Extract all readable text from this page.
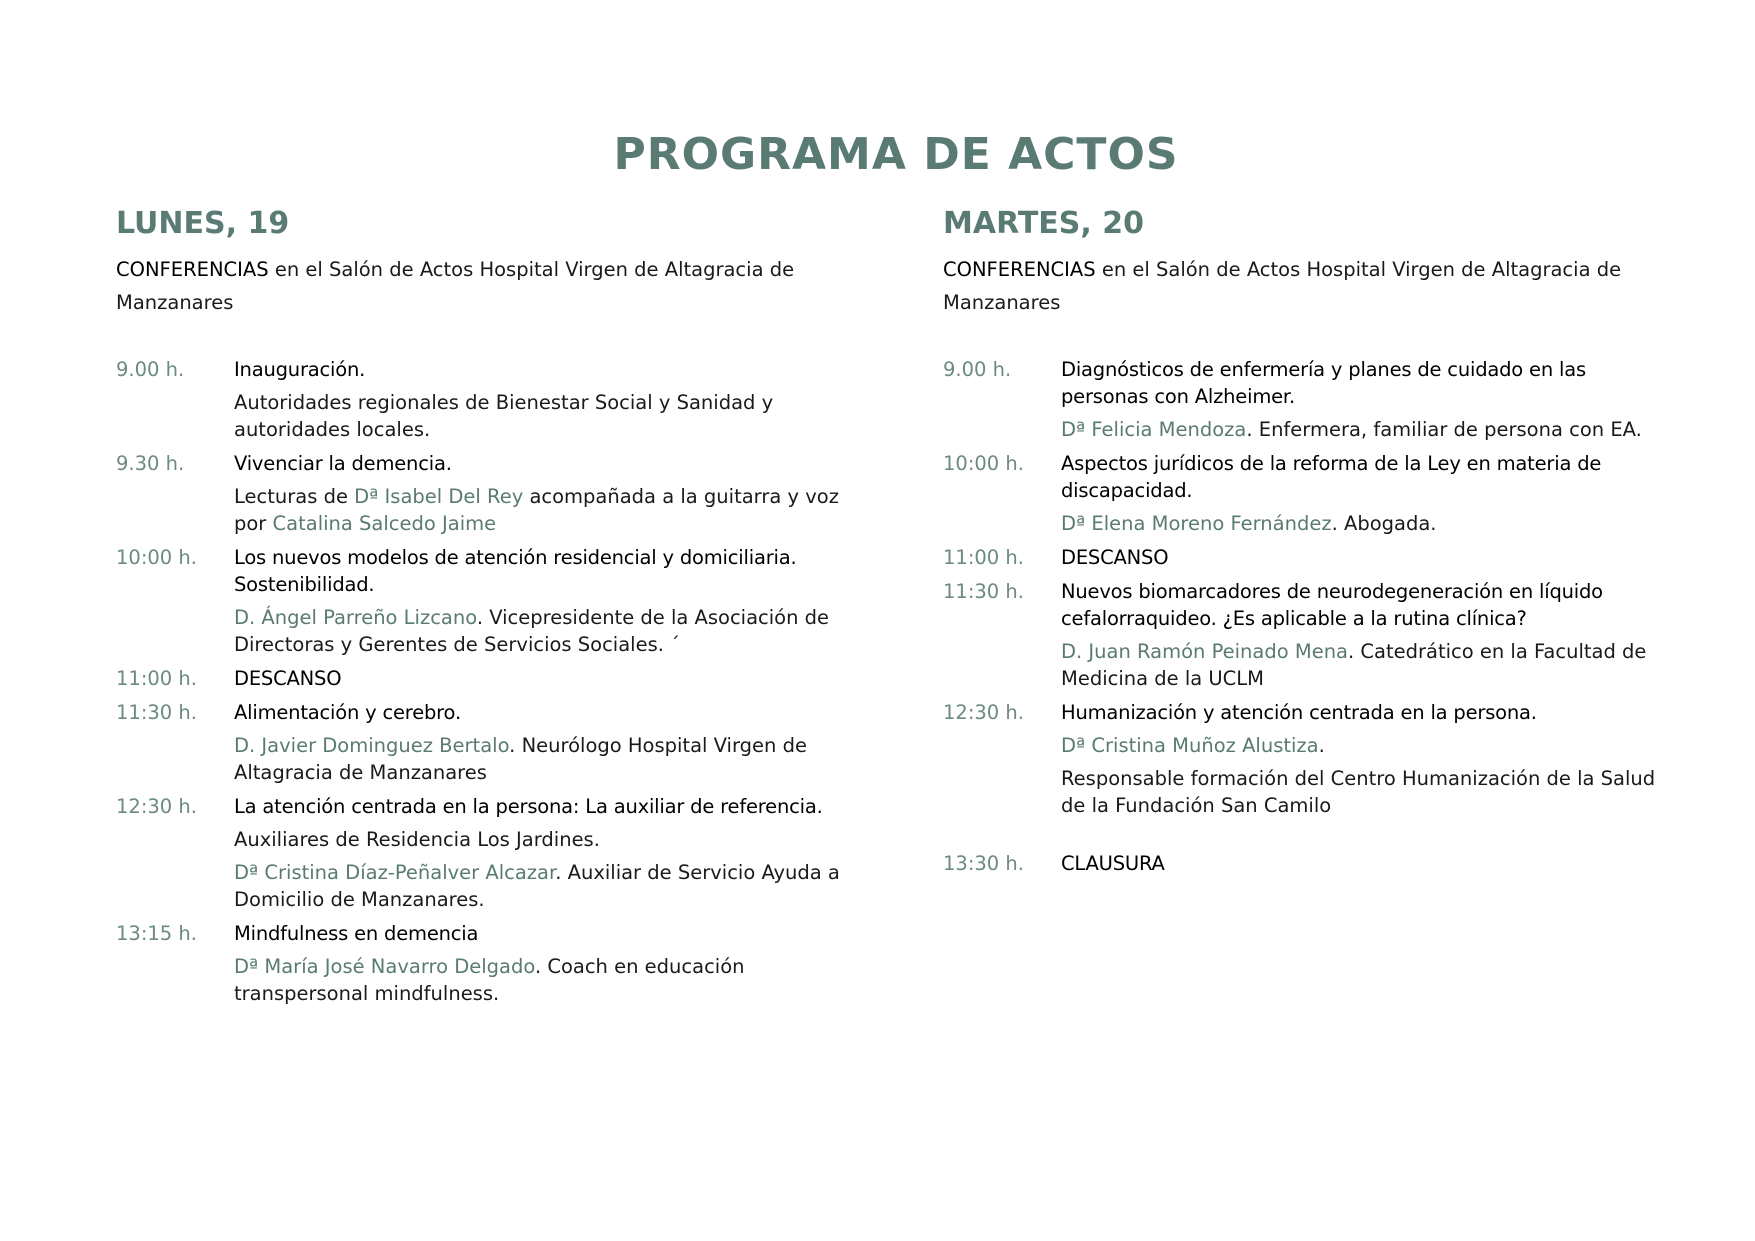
PROGRAMA DE ACTOS
LUNES, 19
CONFERENCIAS en el Salón de Actos Hospital Virgen de Altagracia de Manzanares
9.00 h.	Inauguración.
Autoridades regionales de Bienestar Social y Sanidad y autoridades locales.
9.30 h.	Vivenciar la demencia.
Lecturas de Dª Isabel Del Rey acompañada a la guitarra y voz por Catalina Salcedo Jaime
10:00 h.	Los nuevos modelos de atención residencial y domiciliaria. Sostenibilidad.
D. Ángel Parreño Lizcano. Vicepresidente de la Asociación de Directoras y Gerentes de Servicios Sociales. ´
11:00 h.	DESCANSO
11:30 h.	Alimentación y cerebro.
D. Javier Dominguez Bertalo. Neurólogo Hospital Virgen de Altagracia de Manzanares
12:30 h.	La atención centrada en la persona: La auxiliar de referencia.
Auxiliares de Residencia Los Jardines.
Dª Cristina Díaz-Peñalver Alcazar. Auxiliar de Servicio Ayuda a Domicilio de Manzanares.
13:15 h.	Mindfulness en demencia
Dª María José Navarro Delgado. Coach en educación transpersonal mindfulness.
MARTES, 20
CONFERENCIAS en el Salón de Actos Hospital Virgen de Altagracia de Manzanares
9.00 h.	Diagnósticos de enfermería y planes de cuidado en las personas con Alzheimer.
Dª Felicia Mendoza. Enfermera, familiar de persona con EA.
10:00 h.	Aspectos jurídicos de la reforma de la Ley en materia de discapacidad.
Dª Elena Moreno Fernández. Abogada.
11:00 h.	DESCANSO
11:30 h.	Nuevos biomarcadores de neurodegeneración en líquido cefalorraquideo. ¿Es aplicable a la rutina clínica?
D. Juan Ramón Peinado Mena. Catedrático en la Facultad de Medicina de la UCLM
12:30 h.	Humanización y atención centrada en la persona.
Dª Cristina Muñoz Alustiza.
Responsable formación del Centro Humanización de la Salud de la Fundación San Camilo
13:30 h.	CLAUSURA
